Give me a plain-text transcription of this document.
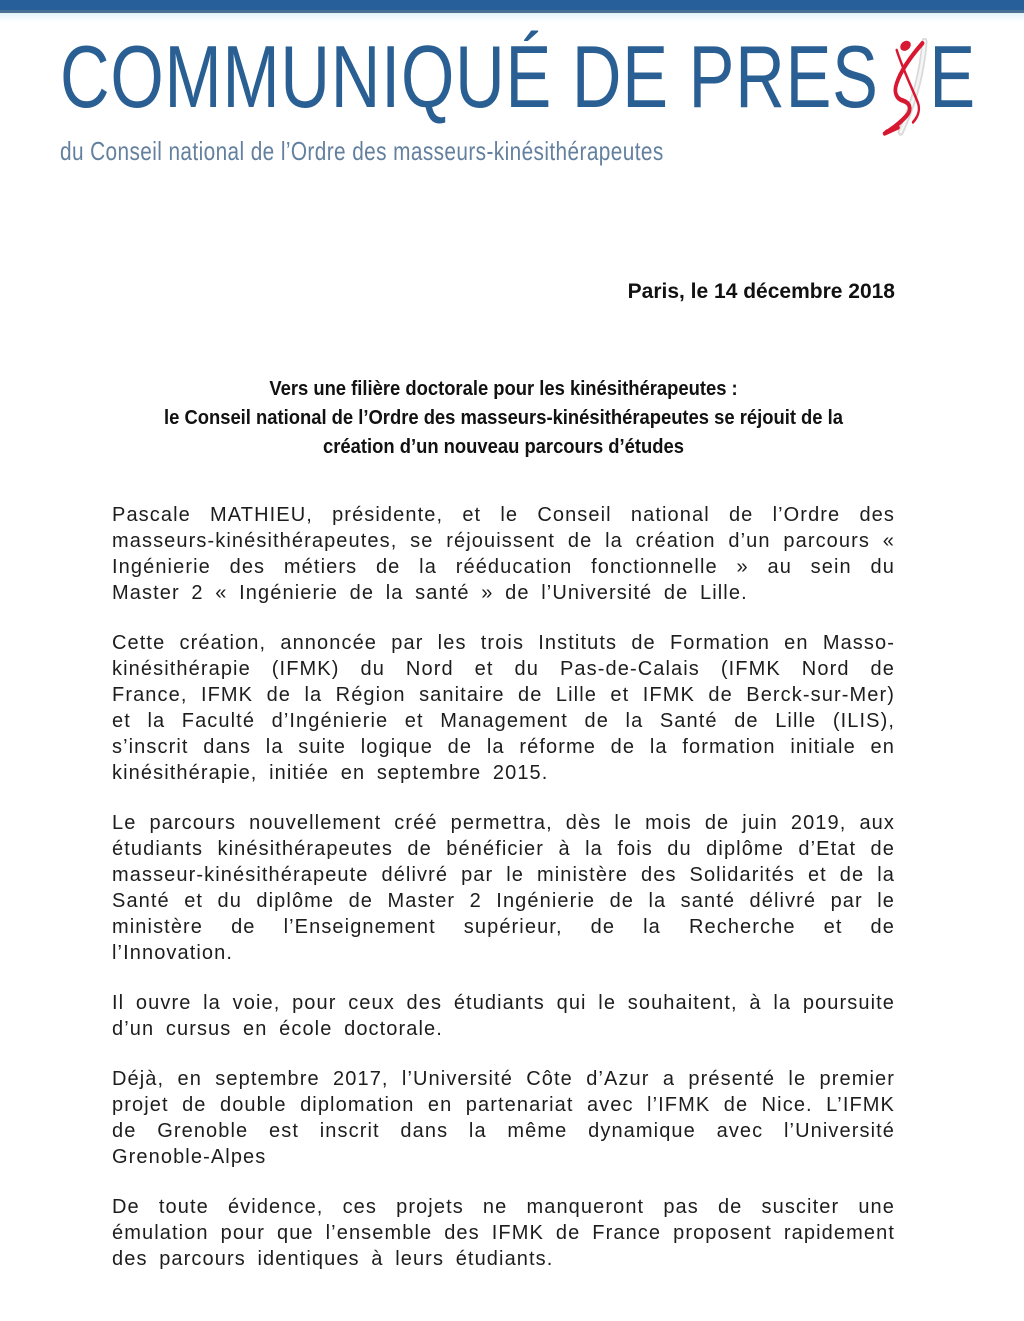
COMMUNIQUÉ DE PRES E
du Conseil national de l’Ordre des masseurs-kinésithérapeutes

Paris, le 14 décembre 2018

Vers une filière doctorale pour les kinésithérapeutes :
le Conseil national de l’Ordre des masseurs-kinésithérapeutes se réjouit de la
création d’un nouveau parcours d’études

Pascale MATHIEU, présidente, et le Conseil national de l’Ordre des masseurs-kinésithérapeutes, se réjouissent de la création d’un parcours « Ingénierie des métiers de la rééducation fonctionnelle » au sein du Master 2 « Ingénierie de la santé » de l’Université de Lille.

Cette création, annoncée par les trois Instituts de Formation en Masso-kinésithérapie (IFMK) du Nord et du Pas-de-Calais (IFMK Nord de France, IFMK de la Région sanitaire de Lille et IFMK de Berck-sur-Mer) et la Faculté d’Ingénierie et Management de la Santé de Lille (ILIS), s’inscrit dans la suite logique de la réforme de la formation initiale en kinésithérapie, initiée en septembre 2015.

Le parcours nouvellement créé permettra, dès le mois de juin 2019, aux étudiants kinésithérapeutes de bénéficier à la fois du diplôme d’Etat de masseur-kinésithérapeute délivré par le ministère des Solidarités et de la Santé et du diplôme de Master 2 Ingénierie de la santé délivré par le ministère de l’Enseignement supérieur, de la Recherche et de l’Innovation.

Il ouvre la voie, pour ceux des étudiants qui le souhaitent, à la poursuite d’un cursus en école doctorale.

Déjà, en septembre 2017, l’Université Côte d’Azur a présenté le premier projet de double diplomation en partenariat avec l’IFMK de Nice. L’IFMK de Grenoble est inscrit dans la même dynamique avec l’Université Grenoble-Alpes

De toute évidence, ces projets ne manqueront pas de susciter une émulation pour que l’ensemble des IFMK de France proposent rapidement des parcours identiques à leurs étudiants.
